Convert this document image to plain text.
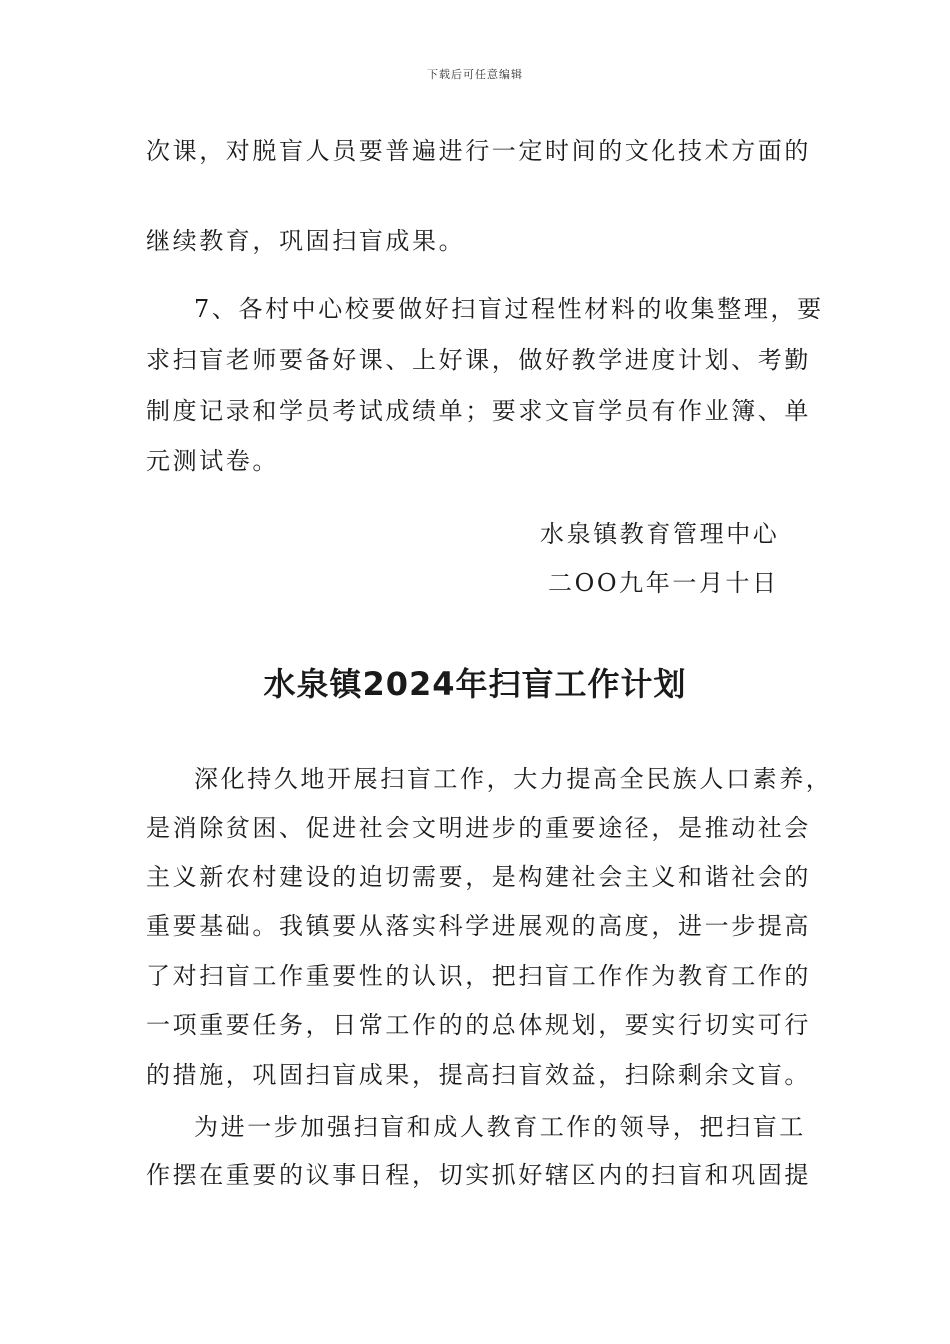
下载后可任意编辑
次课，对脱盲人员要普遍进行一定时间的文化技术方面的
继续教育，巩固扫盲成果。
7、各村中心校要做好扫盲过程性材料的收集整理，要
求扫盲老师要备好课、上好课，做好教学进度计划、考勤
制度记录和学员考试成绩单；要求文盲学员有作业簿、单
元测试卷。
水泉镇教育管理中心
二OO九年一月十日
水泉镇2024年扫盲工作计划
深化持久地开展扫盲工作，大力提高全民族人口素养，
是消除贫困、促进社会文明进步的重要途径，是推动社会
主义新农村建设的迫切需要，是构建社会主义和谐社会的
重要基础。我镇要从落实科学进展观的高度，进一步提高
了对扫盲工作重要性的认识，把扫盲工作作为教育工作的
一项重要任务，日常工作的的总体规划，要实行切实可行
的措施，巩固扫盲成果，提高扫盲效益，扫除剩余文盲。
为进一步加强扫盲和成人教育工作的领导，把扫盲工
作摆在重要的议事日程，切实抓好辖区内的扫盲和巩固提
